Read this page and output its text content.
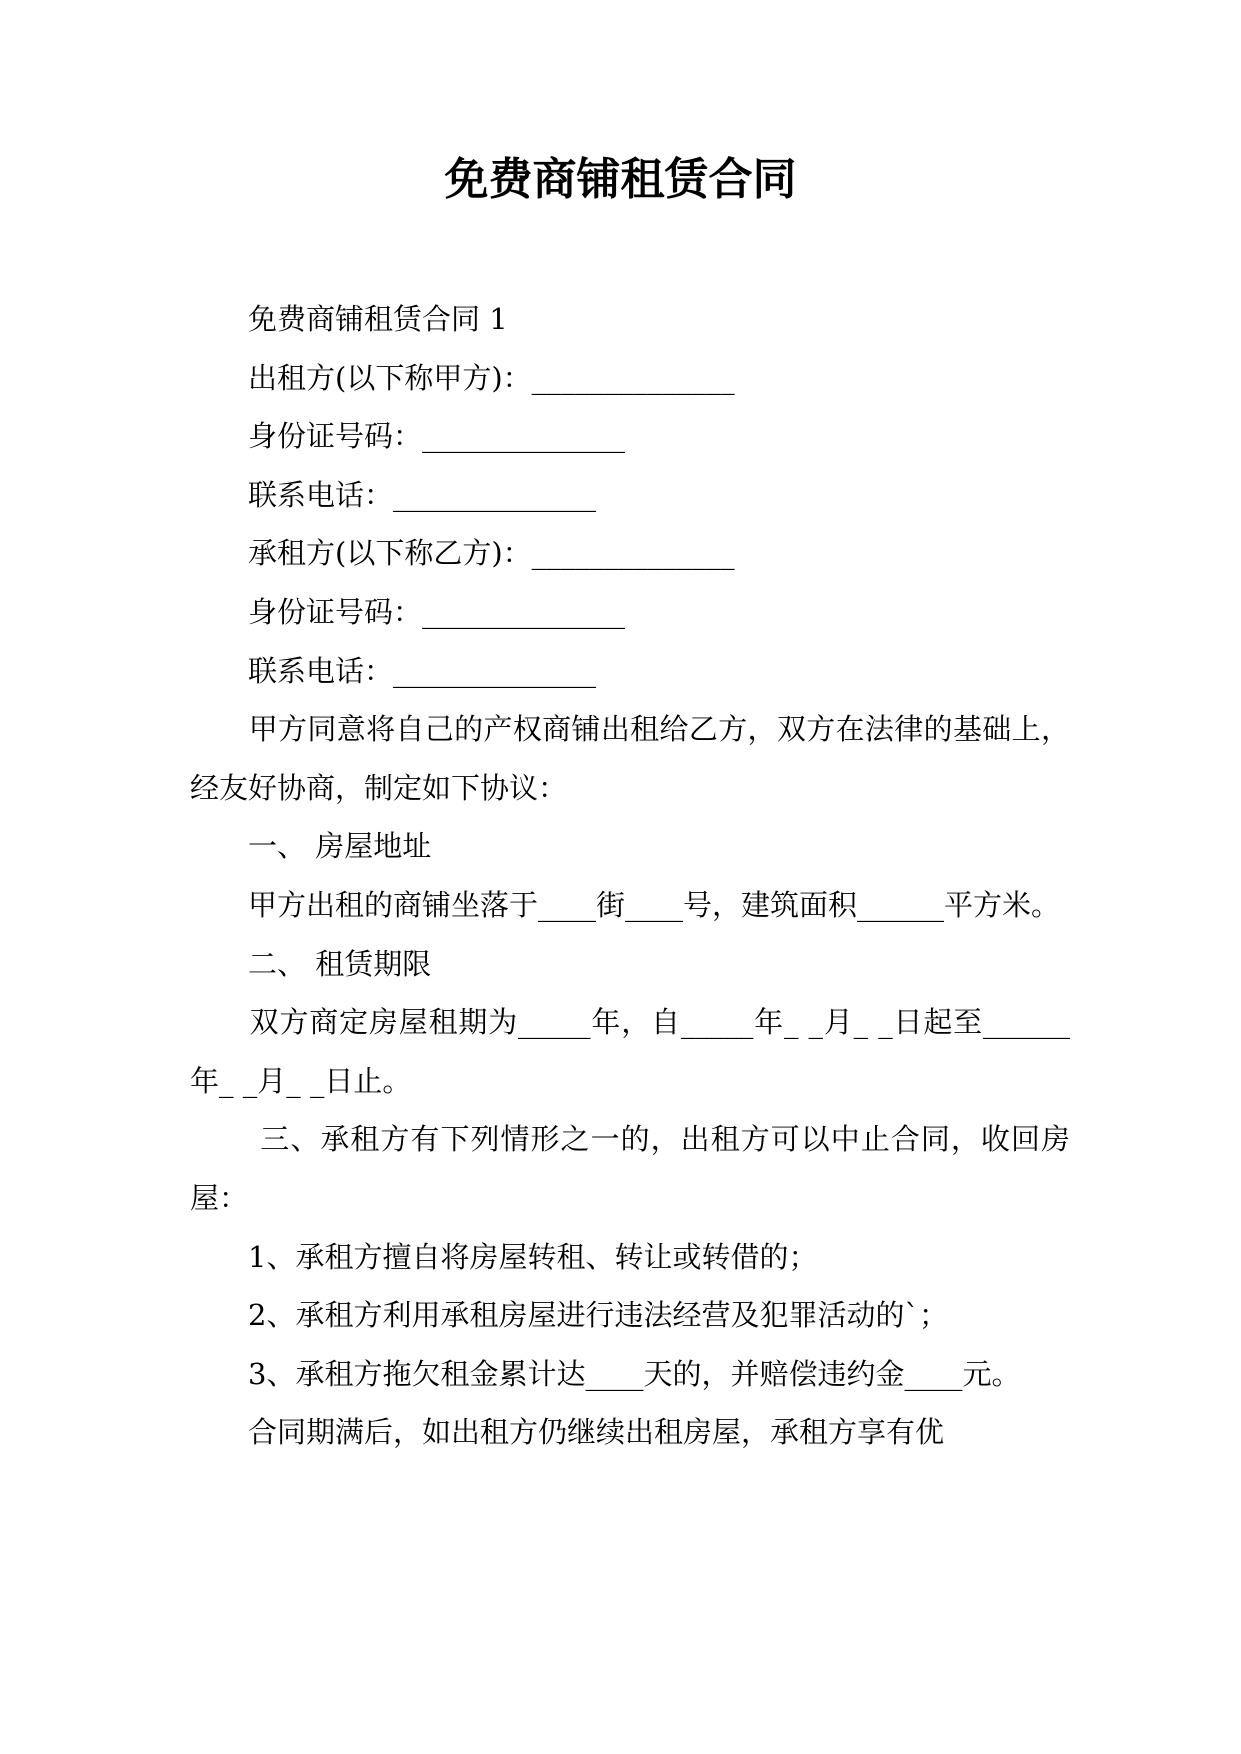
免费商铺租赁合同

　　免费商铺租赁合同 1

　　出租方(以下称甲方)：______________

　　身份证号码：______________

　　联系电话：______________

　　承租方(以下称乙方)：______________

　　身份证号码：______________

　　联系电话：______________

　　甲方同意将自己的产权商铺出租给乙方，双方在法律的基础上，经友好协商，制定如下协议：

　　一、 房屋地址

　　甲方出租的商铺坐落于____街____号，建筑面积______平方米。

　　二、 租赁期限

　　双方商定房屋租期为_____年，自_____年_ _月_ _日起至______年_ _月_ _日止。

　　 三、承租方有下列情形之一的，出租方可以中止合同，收回房屋：

　　1、承租方擅自将房屋转租、转让或转借的；

　　2、承租方利用承租房屋进行违法经营及犯罪活动的`；

　　3、承租方拖欠租金累计达____天的，并赔偿违约金____元。

　　合同期满后，如出租方仍继续出租房屋，承租方享有优
